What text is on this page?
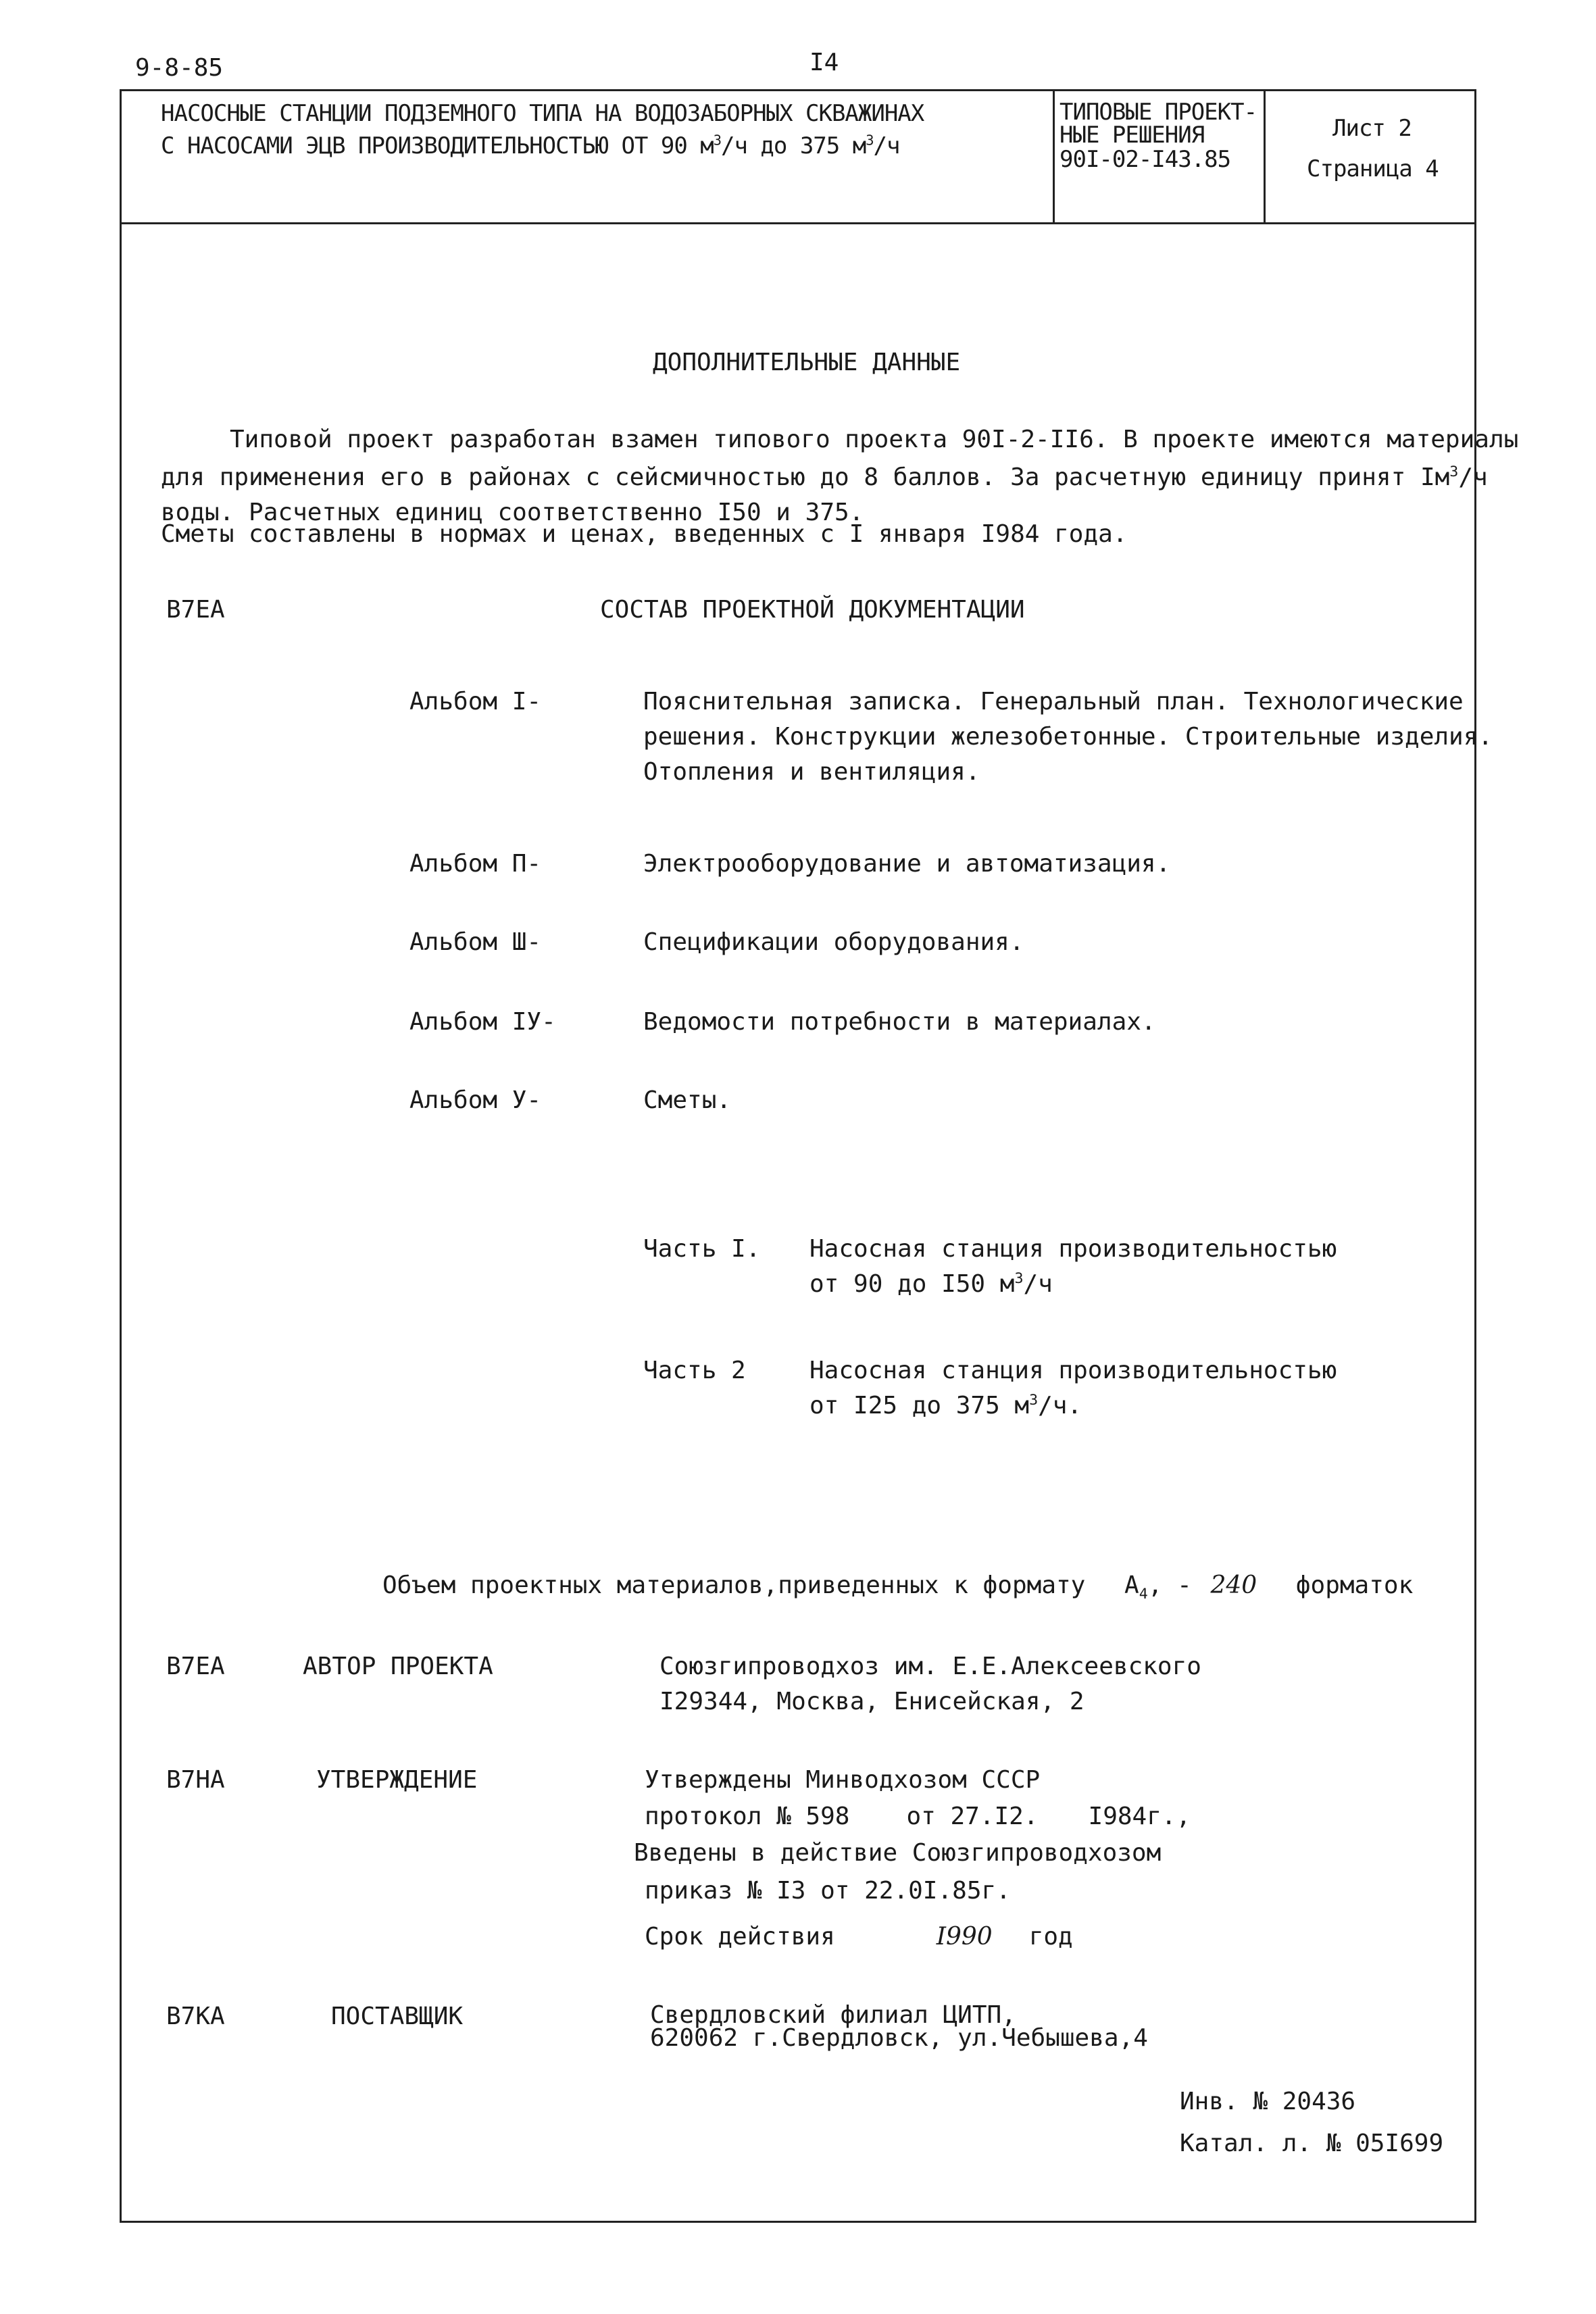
9-8-85	I4
НАСОСНЫЕ СТАНЦИИ ПОДЗЕМНОГО ТИПА НА ВОДОЗАБОРНЫХ СКВАЖИНАХ
С НАСОСАМИ ЭЦВ ПРОИЗВОДИТЕЛЬНОСТЬЮ ОТ 90 $м^3/ч$ до 375 $м^3/ч$
ТИПОВЫЕ ПРОЕКТ-
НЫЕ РЕШЕНИЯ
90I-02-I43.85
Лист 2
Страница 4
ДОПОЛНИТЕЛЬНЫЕ ДАННЫЕ
Типовой проект разработан взамен типового проекта 90I-2-II6. В проекте имеются материалы
для применения его в районах с сейсмичностью до 8 баллов. За расчетную единицу принят $Iм^3/ч$
воды. Расчетных единиц соответственно I50 и 375.
Сметы составлены в нормах и ценах, введенных с I января I984 года.
B7EA	СОСТАВ ПРОЕКТНОЙ ДОКУМЕНТАЦИИ
Альбом I-	Пояснительная записка. Генеральный план. Технологические
решения. Конструкции железобетонные. Строительные изделия.
Отопления и вентиляция.
Альбом П-	Электрооборудование и автоматизация.
Альбом Ш-	Спецификации оборудования.
Альбом IУ-	Ведомости потребности в материалах.
Альбом У-	Сметы.
Часть I. Насосная станция производительностью
от 90 до I50 $м^3/ч$
Часть 2	Насосная станция производительностью
от I25 до 375 $м^3/ч$.
Объем проектных материалов,приведенных к формату $A_4$, - 240 форматок
B7EA	АВТОР ПРОЕКТА	Союзгипроводхоз им. Е.Е.Алексеевского
I29344, Москва, Енисейская, 2
B7HA	УТВЕРЖДЕНИЕ	Утверждены Минводхозом СССР
протокол № 598 от 27.I2. I984г.,
Введены в действие Союзгипроводхозом
приказ № I3 от 22.0I.85г.
Срок действия	I990 год
B7KA	ПОСТАВЩИК	Свердловский филиал ЦИТП,
620062 г.Свердловск, ул.Чебышева,4
Инв. № 20436
Катал. л. № 05I699
